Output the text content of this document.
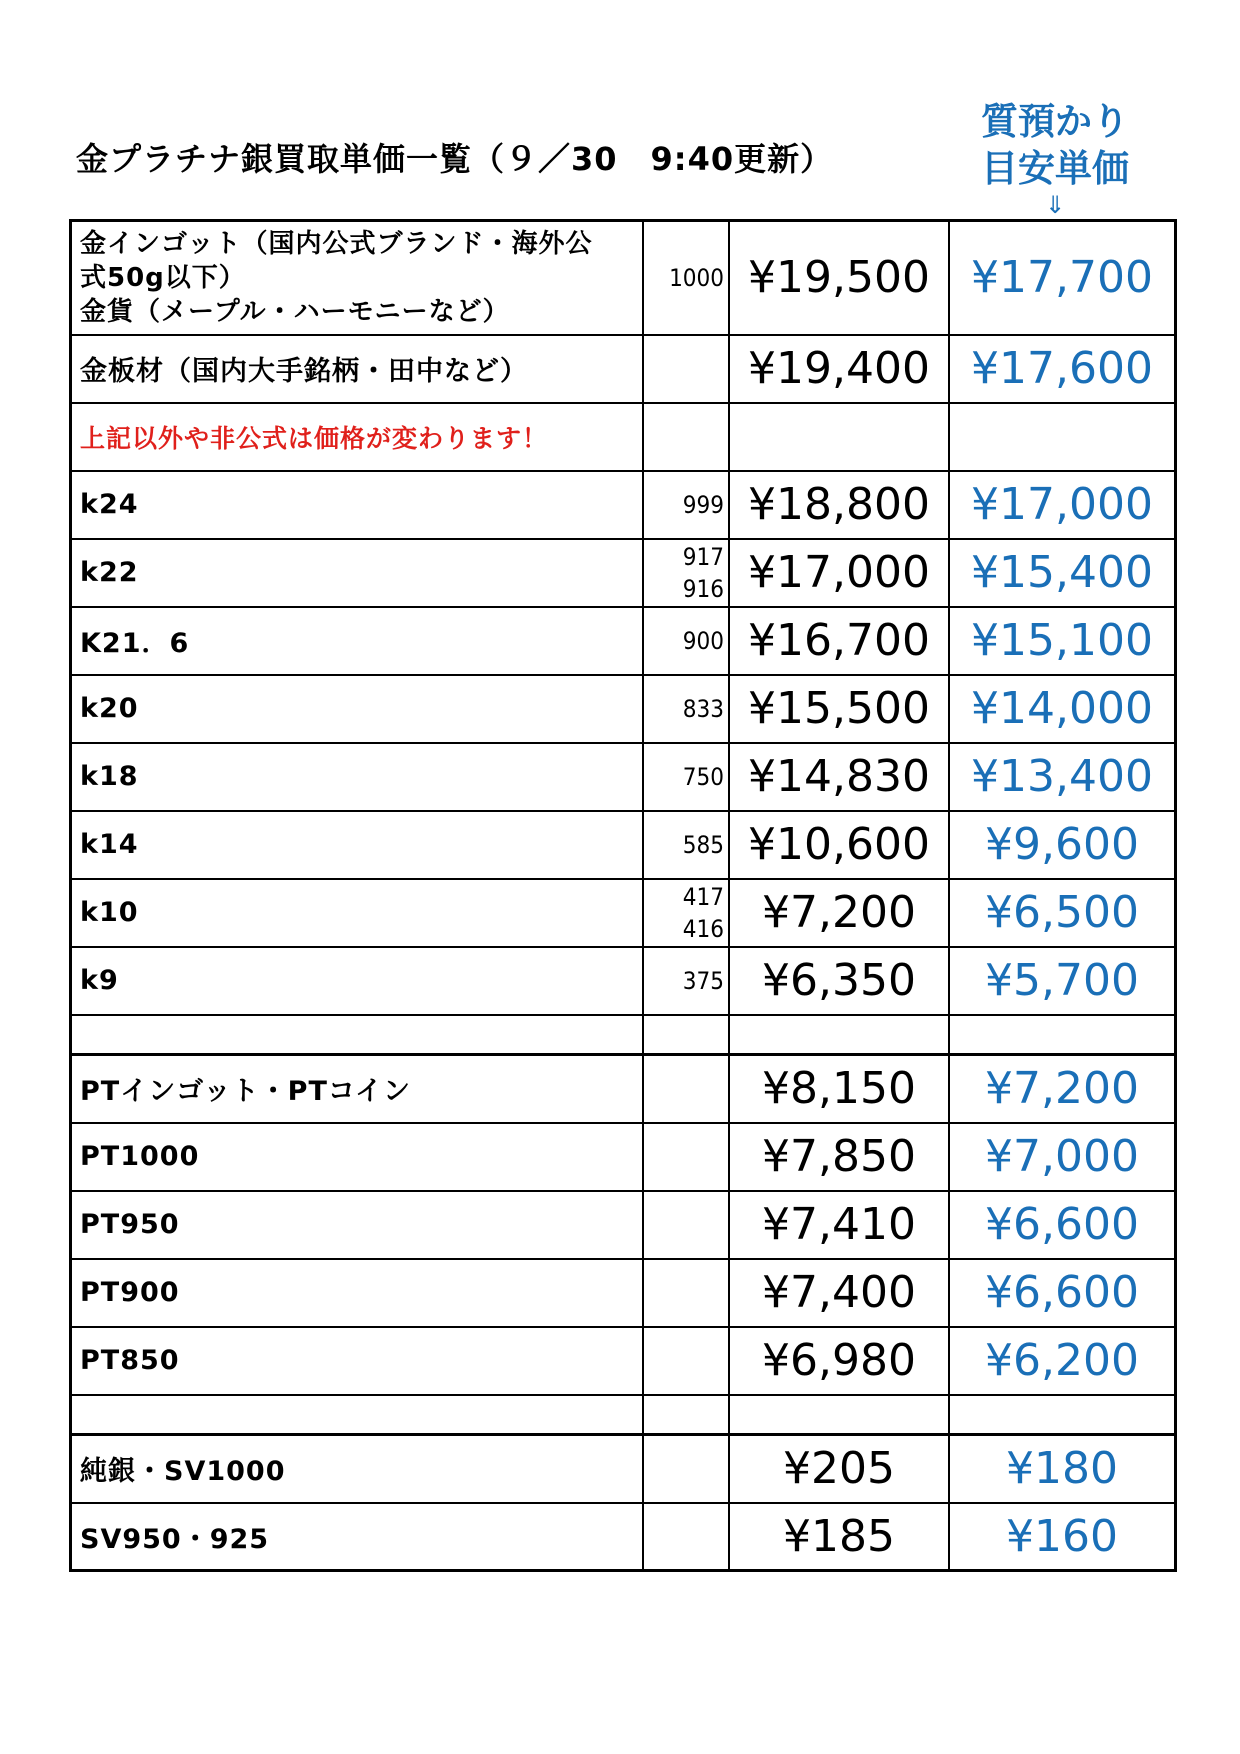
金プラチナ銀買取単価一覧（９／30　9:40更新）
質預かり
目安単価
⇓
金インゴット（国内公式ブランド・海外公
式50g以下）
金貨（メープル・ハーモニーなど）	1000	¥19,500	¥17,700

金板材（国内大手銘柄・田中など）		¥19,400	¥17,600

上記以外や非公式は価格が変わります！			

k24	999	¥18,800	¥17,000

k22	917
916	¥17,000	¥15,400

K21．6	900	¥16,700	¥15,100

k20	833	¥15,500	¥14,000

k18	750	¥14,830	¥13,400

k14	585	¥10,600	¥9,600

k10	417
416	¥7,200	¥6,500

k9	375	¥6,350	¥5,700

PTインゴット・PTコイン		¥8,150	¥7,200

PT1000		¥7,850	¥7,000

PT950		¥7,410	¥6,600

PT900		¥7,400	¥6,600

PT850		¥6,980	¥6,200

純銀・SV1000		¥205	¥180

SV950・925		¥185	¥160
